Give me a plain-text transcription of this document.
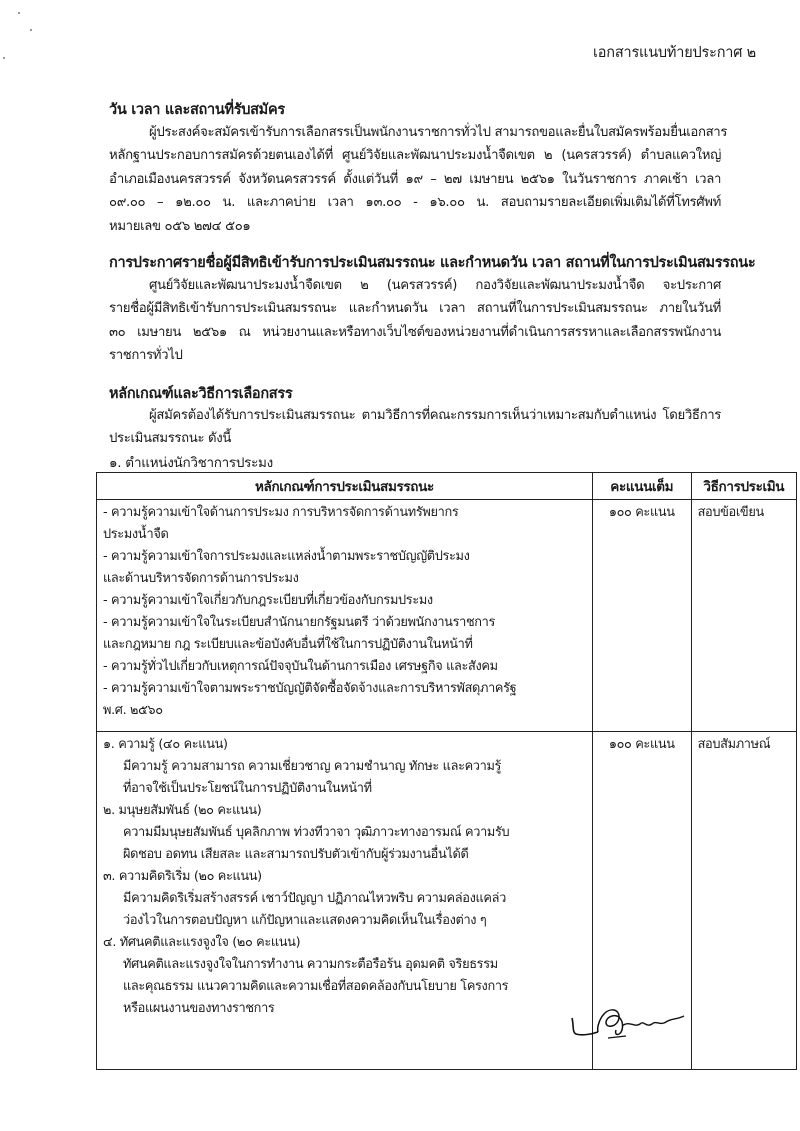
เอกสารแนบท้ายประกาศ ๒
วัน เวลา และสถานที่รับสมัคร
ผู้ประสงค์จะสมัครเข้ารับการเลือกสรรเป็นพนักงานราชการทั่วไป สามารถขอและยื่นใบสมัครพร้อมยื่นเอกสาร
หลักฐานประกอบการสมัครด้วยตนเองได้ที่ ศูนย์วิจัยและพัฒนาประมงน้ำจืดเขต ๒ (นครสวรรค์) ตำบลแควใหญ่
อำเภอเมืองนครสวรรค์ จังหวัดนครสวรรค์ ตั้งแต่วันที่ ๑๙ – ๒๗ เมษายน ๒๕๖๑ ในวันราชการ ภาคเช้า เวลา
๐๙.๐๐ – ๑๒.๐๐ น. และภาคบ่าย เวลา ๑๓.๐๐ - ๑๖.๐๐ น. สอบถามรายละเอียดเพิ่มเติมได้ที่โทรศัพท์
หมายเลข ๐๕๖ ๒๗๔ ๕๐๑
การประกาศรายชื่อผู้มีสิทธิเข้ารับการประเมินสมรรถนะ และกำหนดวัน เวลา สถานที่ในการประเมินสมรรถนะ
ศูนย์วิจัยและพัฒนาประมงน้ำจืดเขต ๒ (นครสวรรค์) กองวิจัยและพัฒนาประมงน้ำจืด จะประกาศ
รายชื่อผู้มีสิทธิเข้ารับการประเมินสมรรถนะ และกำหนดวัน เวลา สถานที่ในการประเมินสมรรถนะ ภายในวันที่
๓๐ เมษายน ๒๕๖๑ ณ หน่วยงานและหรือทางเว็บไซต์ของหน่วยงานที่ดำเนินการสรรหาและเลือกสรรพนักงาน
ราชการทั่วไป
หลักเกณฑ์และวิธีการเลือกสรร
ผู้สมัครต้องได้รับการประเมินสมรรถนะ ตามวิธีการที่คณะกรรมการเห็นว่าเหมาะสมกับตำแหน่ง โดยวิธีการ
ประเมินสมรรถนะ ดังนี้
๑. ตำแหน่งนักวิชาการประมง
หลักเกณฑ์การประเมินสมรรถนะ	คะแนนเต็ม	วิธีการประเมิน

- ความรู้ความเข้าใจด้านการประมง การบริหารจัดการด้านทรัพยากร
ประมงน้ำจืด
- ความรู้ความเข้าใจการประมงและแหล่งน้ำตามพระราชบัญญัติประมง
และด้านบริหารจัดการด้านการประมง
- ความรู้ความเข้าใจเกี่ยวกับกฎระเบียบที่เกี่ยวข้องกับกรมประมง
- ความรู้ความเข้าใจในระเบียบสำนักนายกรัฐมนตรี ว่าด้วยพนักงานราชการ
และกฎหมาย กฎ ระเบียบและข้อบังคับอื่นที่ใช้ในการปฏิบัติงานในหน้าที่
- ความรู้ทั่วไปเกี่ยวกับเหตุการณ์ปัจจุบันในด้านการเมือง เศรษฐกิจ และสังคม
- ความรู้ความเข้าใจตามพระราชบัญญัติจัดซื้อจัดจ้างและการบริหารพัสดุภาครัฐ
พ.ศ. ๒๕๖๐
	๑๐๐ คะแนน	สอบข้อเขียน

๑. ความรู้ (๔๐ คะแนน)
มีความรู้ ความสามารถ ความเชี่ยวชาญ ความชำนาญ ทักษะ และความรู้
ที่อาจใช้เป็นประโยชน์ในการปฏิบัติงานในหน้าที่
๒. มนุษยสัมพันธ์ (๒๐ คะแนน)
ความมีมนุษยสัมพันธ์ บุคลิกภาพ ท่วงทีวาจา วุฒิภาวะทางอารมณ์ ความรับ
ผิดชอบ อดทน เสียสละ และสามารถปรับตัวเข้ากับผู้ร่วมงานอื่นได้ดี
๓. ความคิดริเริ่ม (๒๐ คะแนน)
มีความคิดริเริ่มสร้างสรรค์ เชาว์ปัญญา ปฏิภาณไหวพริบ ความคล่องแคล่ว
ว่องไวในการตอบปัญหา แก้ปัญหาและแสดงความคิดเห็นในเรื่องต่าง ๆ
๔. ทัศนคติและแรงจูงใจ (๒๐ คะแนน)
ทัศนคติและแรงจูงใจในการทำงาน ความกระตือรือร้น อุดมคติ จริยธรรม
และคุณธรรม แนวความคิดและความเชื่อที่สอดคล้องกับนโยบาย โครงการ
หรือแผนงานของทางราชการ
	๑๐๐ คะแนน	สอบสัมภาษณ์
